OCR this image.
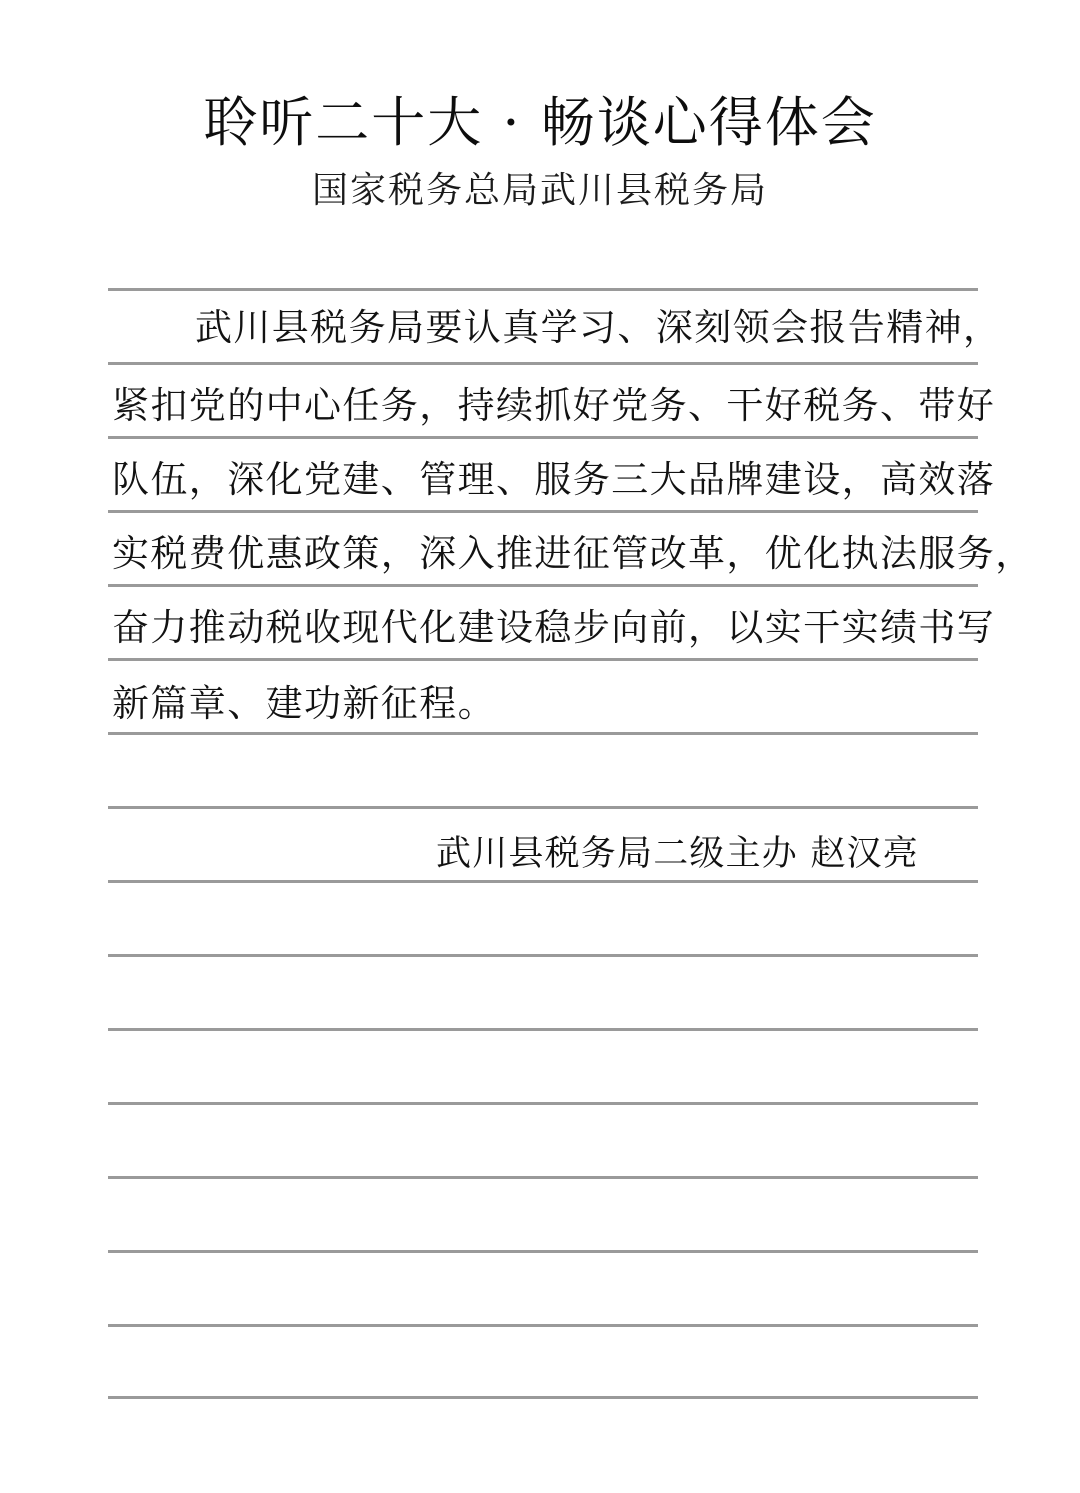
聆听二十大 · 畅谈心得体会
国家税务总局武川县税务局
武川县税务局要认真学习、深刻领会报告精神，
紧扣党的中心任务，持续抓好党务、干好税务、带好
队伍，深化党建、管理、服务三大品牌建设，高效落
实税费优惠政策，深入推进征管改革，优化执法服务，
奋力推动税收现代化建设稳步向前，以实干实绩书写
新篇章、建功新征程。
武川县税务局二级主办 赵汉亮
